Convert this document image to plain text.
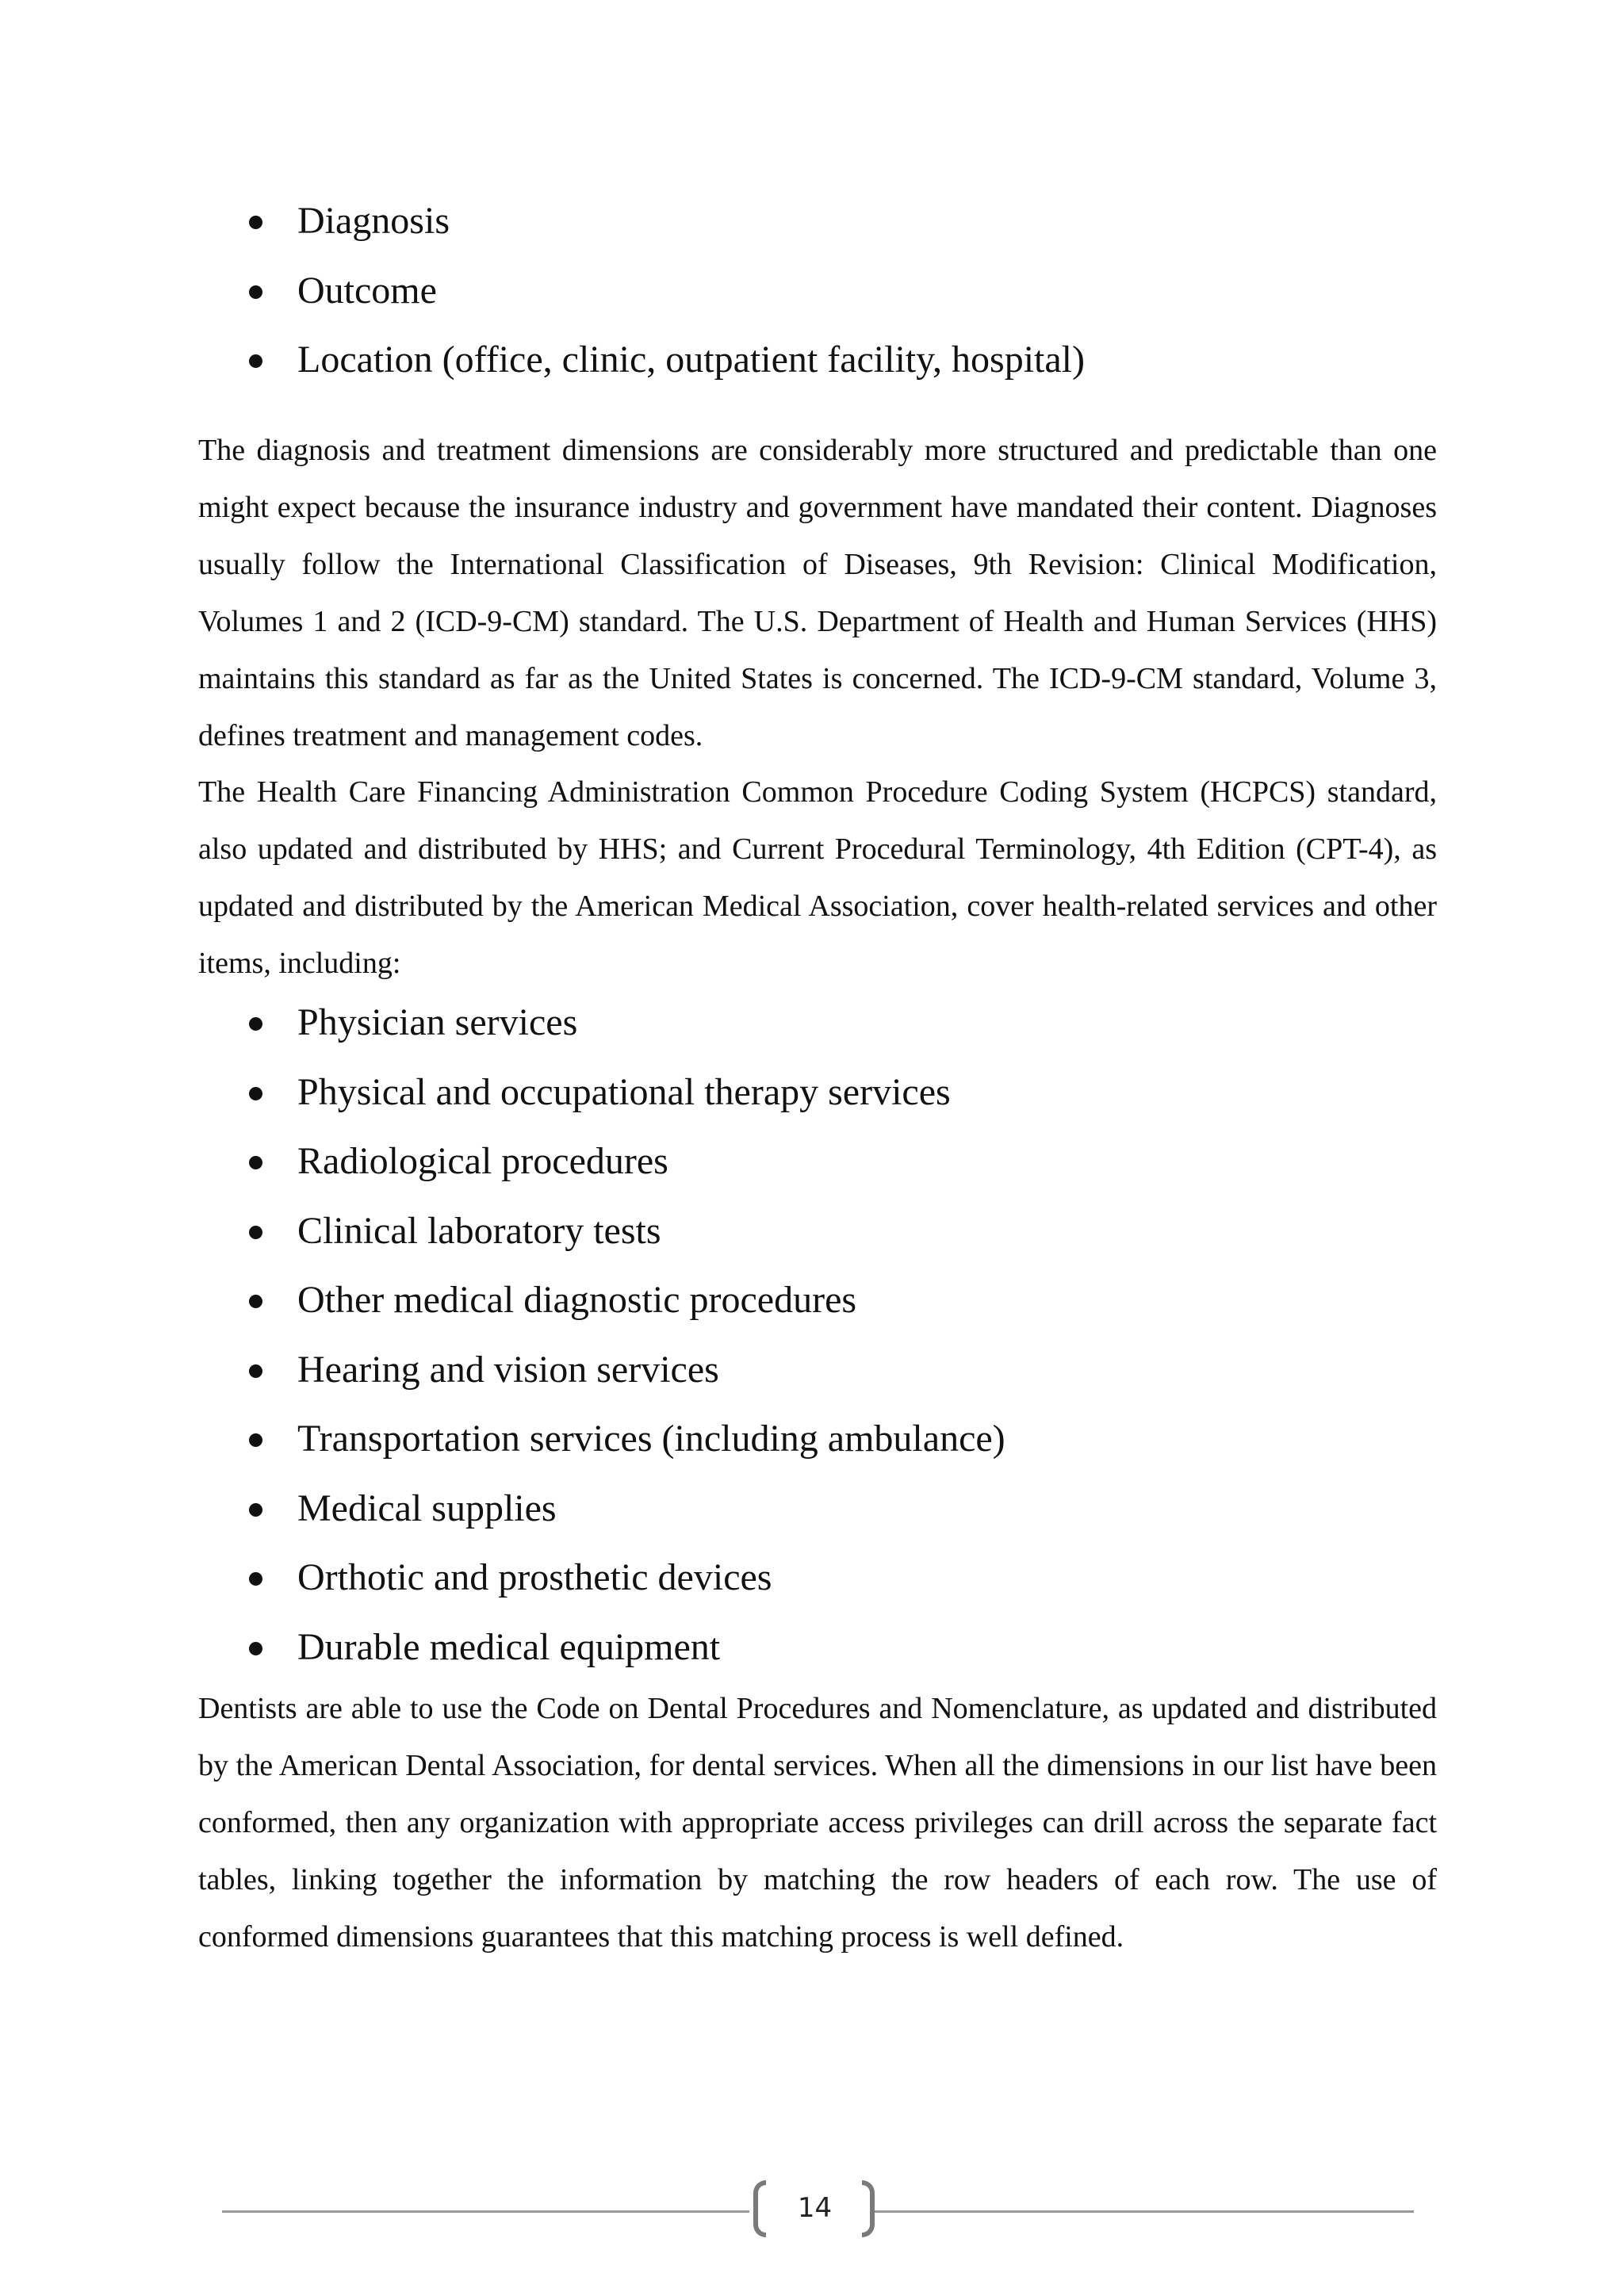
Diagnosis
Outcome
Location (office, clinic, outpatient facility, hospital)

The diagnosis and treatment dimensions are considerably more structured and predictable than one might expect because the insurance industry and government have mandated their content. Diagnoses usually follow the International Classification of Diseases, 9th Revision: Clinical Modification, Volumes 1 and 2 (ICD-9-CM) standard. The U.S. Department of Health and Human Services (HHS) maintains this standard as far as the United States is concerned. The ICD-9-CM standard, Volume 3, defines treatment and management codes.

The Health Care Financing Administration Common Procedure Coding System (HCPCS) standard, also updated and distributed by HHS; and Current Procedural Terminology, 4th Edition (CPT-4), as updated and distributed by the American Medical Association, cover health-related services and other items, including:

Physician services
Physical and occupational therapy services
Radiological procedures
Clinical laboratory tests
Other medical diagnostic procedures
Hearing and vision services
Transportation services (including ambulance)
Medical supplies
Orthotic and prosthetic devices
Durable medical equipment

Dentists are able to use the Code on Dental Procedures and Nomenclature, as updated and distributed by the American Dental Association, for dental services. When all the dimensions in our list have been conformed, then any organization with appropriate access privileges can drill across the separate fact tables, linking together the information by matching the row headers of each row. The use of conformed dimensions guarantees that this matching process is well defined.

14
